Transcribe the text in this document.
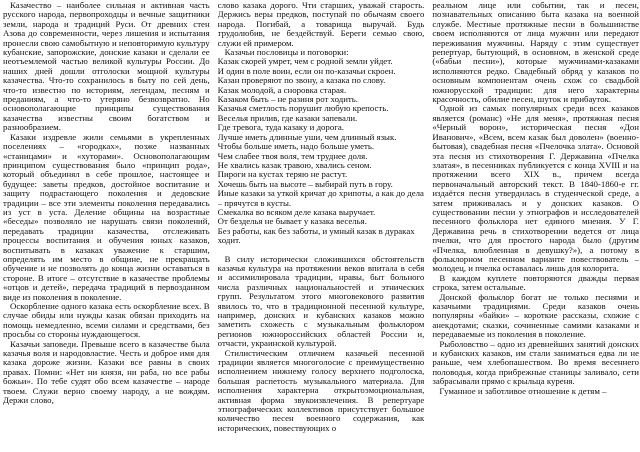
Казачество – наиболее сильная и активная часть русского народа, первопроходцы и вечные защитники земли, народа и традиций Руси. От древних стен Азова до современности, через лишения и испытания пронесли свою самобытную и неповторимую культуру кубанские, запорожские, донские казаки и сделали ее неотъемлемой частью великой культуры России. До наших дней дошли отголоски мощной культуры казачества. Что-то сохранилось в быту по сей день, что-то известно по историям, легендам, песням и преданиям, а что-то утеряно безвозвратно. Но основополагающие принципы существования казачества известны своим богатством и разнообразием.

Казаки издревле жили семьями в укрепленных поселениях – «городках», позже названных «станицами» и «хуторами». Основополагающим принципом существования было «принцип рода», который объединял в себе прошлое, настоящее и будущее: заветы предков, достойное воспитание и защиту подрастающего поколения и дедовские традиции – все эти элементы поколения передавались из уст в уста. Деление общины на возрастные «беседы» позволяло не нарушать связи поколений, передавать традиции казачества, отслеживать процессы воспитания и обучения юных казаков, воспитывать в казаках уважение к старшим, определять им место в общине, не прекращать обучение и не позволять до конца жизни оставаться в стороне. В итоге – отсутствие в казачестве проблемы «отцов и детей», передача традиций в первозданном виде из поколения в поколение.

Оскорбление одного казака есть оскорбление всех. В случае обиды или нужды казак обязан приходить на помощь немедленно, всеми силами и средствами, без просьбы со стороны нуждающегося.

Казачьи заповеди. Превыше всего в казачестве была казачья воля и народовластие. Честь и доброе имя для казака дороже жизни. Казаки все равны в своих правах. Помни: «Нет ни князя, ни раба, но все рабы божьи». По тебе судят обо всем казачестве – народе твоем. Служи верно своему народу, а не вождям. Держи слово,

слово казака дорого. Чти старших, уважай старость. Держись веры предков, поступай по обычаям своего народа. Погибай, а товарища выручай. Будь трудолюбив, не бездействуй. Береги семью свою, служи ей примером.

Казачьи пословицы и поговорки:

Казак скорей умрет, чем с родной земли уйдет.

И один в поле воин, если он по-казачьи скроен.

Казан проверяют по звону, а казака по слову.

Казак молодой, а сноровка старая.

Казаком быть – не разиня рот ходить.

Казачья сметлость порушит любую крепость.

Веселья прилив, где казаки запевали.

Где тревога, туда казаку и дорога.

Лучше иметь длинные уши, чем длинный язык.

Чтобы больше иметь, надо больше уметь.

Чем слабее твоя воля, тем труднее доля.

Не хвались казак травою, хвались сеном.

Пироги на кустах теряю не растут.

Хочешь быть на высоте – выбирай путь в гору.

Иные казаки за уткой кричат до хрипоты, а как до дела – прячутся в кусты.

Смекалка во всяком деле казака выручает.

От безделья не бывает у казака веселья.

Без работы, как без заботы, и умный казак в дураках ходит.

В силу исторически сложившихся обстоятельств казачья культура на протяжении веков впитала в себя и ассимилировала традиции, нравы, быт больного числа различных национальностей и этнических групп. Результатом этого многовекового развития явилось то, что в традиционной песенной культуре, например, донских и кубанских казаков можно заметить схожесть с музыкальным фольклором регионов южнороссийских областей России и, отчасти, украинской культурой.

Стилистическим отличием казачьей песенной традиции является многоголосие с преимущественно исполнением нижнему голосу верхнего подголоска, большая распетость музыкального материала. Для исполнения характерна открытоэмоциональная, активная форма звукоизвлечения. В репертуаре этнографических коллективов присутствует большое количество песен военного содержания, как исторических, повествующих о

реальном лице или событии, так и песен, познавательных описанию быта казака на военной службе. Местные протяжные песни в большинстве своем исполняются от лица мужчин или передают переживания мужчины. Наряду с этим существует репертуар, бытующий, в основном, в женской среде («бабьи песни»), которые мужчинами-казаками исполняются редко. Свадебный обряд у казаков по основным компонентам очень схож со свадьбой южнорусской традиции: для него характерны красочность, обилие песен, шуток и прибауток.

Одной из самых популярных среди всех казаков является (романс) «Не для меня», протяжная песня «Черный ворон», историческая песня «Дон Иванович», «Всем, всем казак был доволен» (военно-бытовая), свадебная песня «Пчелочка злата». Основой эта песня из стихотворения Г. Державина «Пчелка златая», в песенниках публикуется с конца XVIII и на протяжении всего XIX в., причем всегда первоначальный авторский текст. В 1840-1860-е гг. издаётся песня утвердилась в студенческой среде, а затем приживалась и у донских казаков. О существовании песни у этнографов и исследователей песенного фольклора нет единого мнения. У Г. Державина речь в стихотворении ведется от лица пчелки, что для простого народа было (другим «Пчелка, влюбленная в девушку?»), а потому в фольклорном песенном варианте повествователь – молодец, и пчелка оставалась лишь для колорита.

В каждом куплете повторяются дважды первая строка, затем остальные.

Донской фольклор богат не только песнями и казачьими традициями. Среди казаков очень популярны «байки» – короткие рассказы, схожие с анекдотами; сказки, сочиненные самими казаками и передаваемые из поколения в поколение.

Рыболовство – одно из древнейших занятий донских и кубанских казаков, им стали заниматься едва ли не раньше, чем хлебопашеством. Во время весеннего половодья, когда прибрежные станицы заливало, сети забрасывали прямо с крыльца куреня.

Гуманное и заботливое отношение к детям –
